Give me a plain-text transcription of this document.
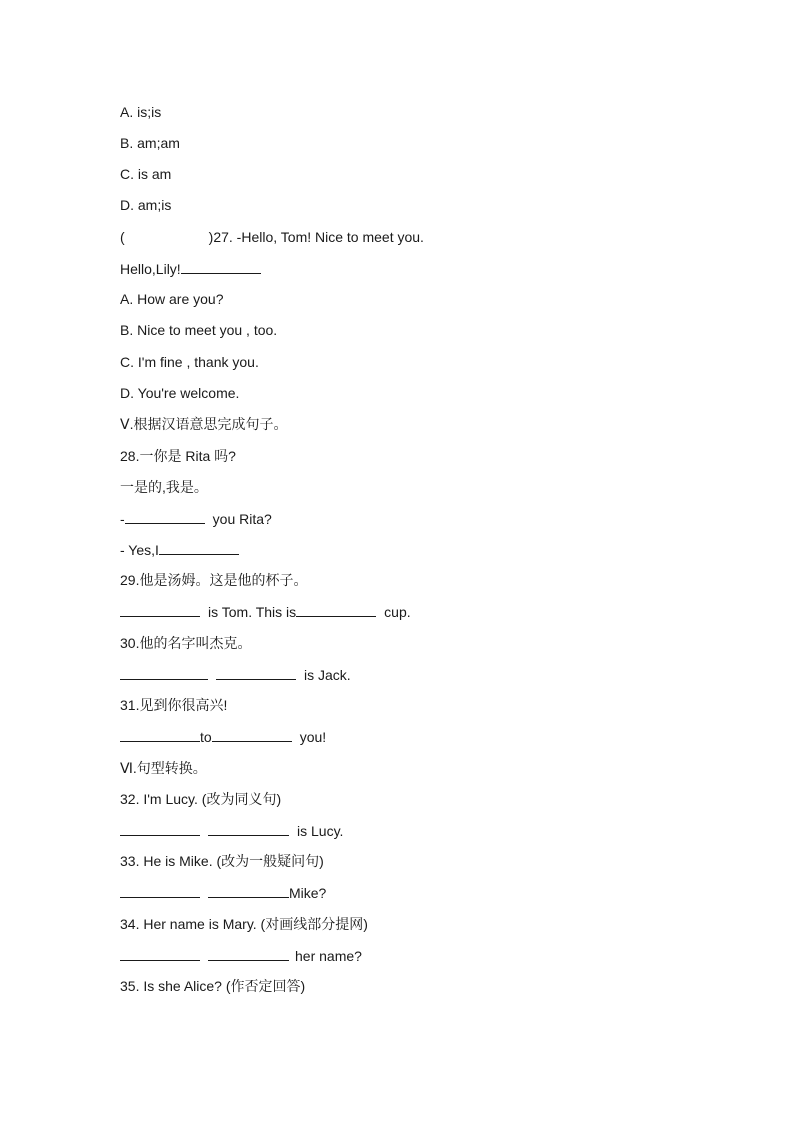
A. is;is
B. am;am
C. is am
D. am;is
(	)27. -Hello, Tom! Nice to meet you.
Hello,Lily!
A. How are you?
B. Nice to meet you , too.
C. I'm fine , thank you.
D. You're welcome.
Ⅴ.根据汉语意思完成句子。
28.一你是 Rita 吗?
一是的,我是。
-	you Rita?
- Yes,I
29.他是汤姆。这是他的杯子。
is Tom. This is	cup.
30.他的名字叫杰克。
is Jack.
31.见到你很高兴!
to	you!
Ⅵ.句型转换。
32. I'm Lucy. (改为同义句)
is Lucy.
33. He is Mike. (改为一般疑问句)
Mike?
34. Her name is Mary. (对画线部分提网)
her name?
35. Is she Alice? (作否定回答)
